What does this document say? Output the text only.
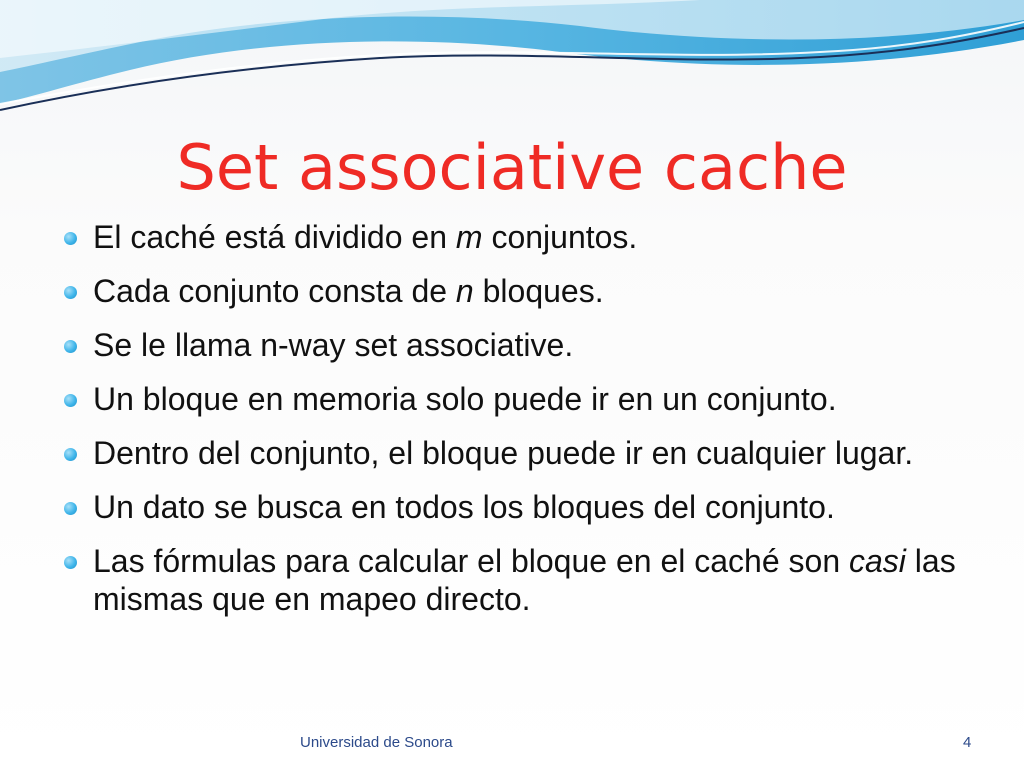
Set associative cache
El caché está dividido en m conjuntos.
Cada conjunto consta de n bloques.
Se le llama n-way set associative.
Un bloque en memoria solo puede ir en un conjunto.
Dentro del conjunto, el bloque puede ir en cualquier lugar.
Un dato se busca en todos los bloques del conjunto.
Las fórmulas para calcular el bloque en el caché son casi las mismas que en mapeo directo.
Universidad de Sonora	4
